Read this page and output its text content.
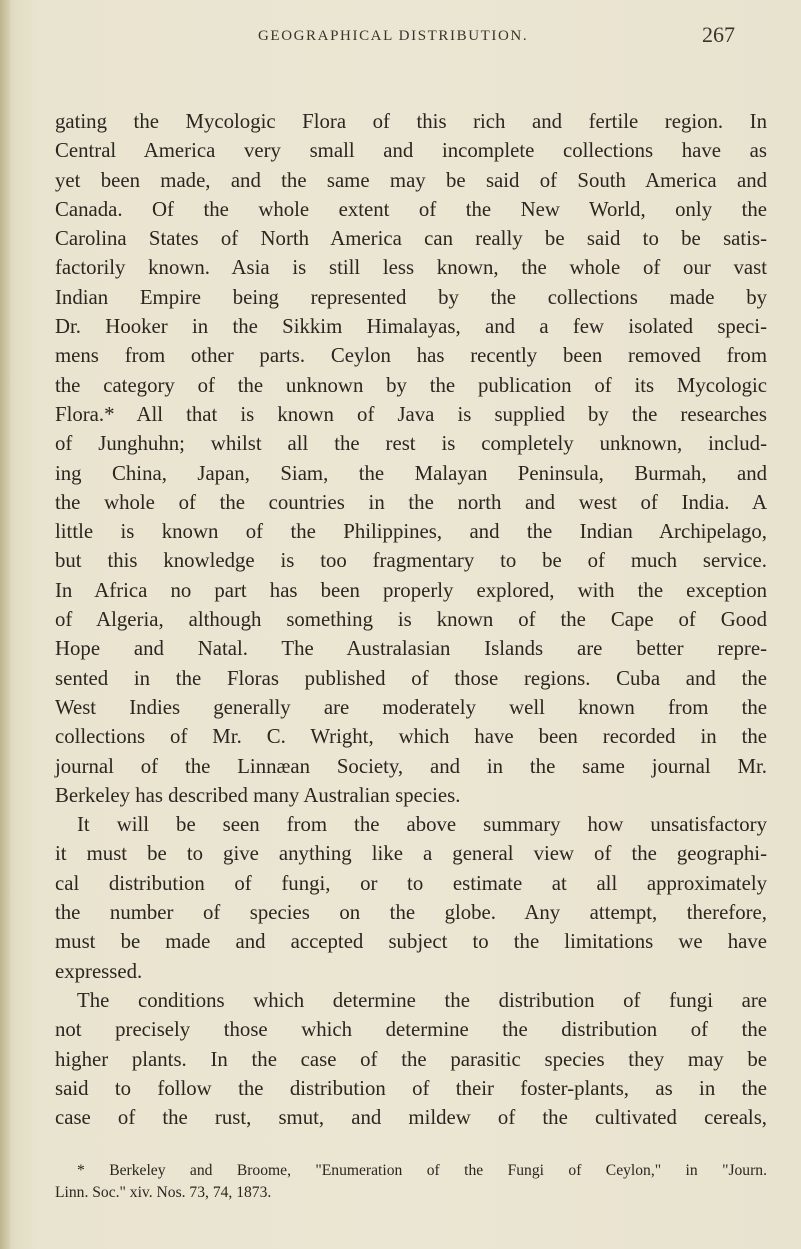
GEOGRAPHICAL DISTRIBUTION.	267
gating the Mycologic Flora of this rich and fertile region. In
Central America very small and incomplete collections have as
yet been made, and the same may be said of South America and
Canada. Of the whole extent of the New World, only the
Carolina States of North America can really be said to be satis-
factorily known. Asia is still less known, the whole of our vast
Indian Empire being represented by the collections made by
Dr. Hooker in the Sikkim Himalayas, and a few isolated speci-
mens from other parts. Ceylon has recently been removed from
the category of the unknown by the publication of its Mycologic
Flora.* All that is known of Java is supplied by the researches
of Junghuhn; whilst all the rest is completely unknown, includ-
ing China, Japan, Siam, the Malayan Peninsula, Burmah, and
the whole of the countries in the north and west of India. A
little is known of the Philippines, and the Indian Archipelago,
but this knowledge is too fragmentary to be of much service.
In Africa no part has been properly explored, with the exception
of Algeria, although something is known of the Cape of Good
Hope and Natal. The Australasian Islands are better repre-
sented in the Floras published of those regions. Cuba and the
West Indies generally are moderately well known from the
collections of Mr. C. Wright, which have been recorded in the
journal of the Linnæan Society, and in the same journal Mr.
Berkeley has described many Australian species.
It will be seen from the above summary how unsatisfactory
it must be to give anything like a general view of the geographi-
cal distribution of fungi, or to estimate at all approximately
the number of species on the globe. Any attempt, therefore,
must be made and accepted subject to the limitations we have
expressed.
The conditions which determine the distribution of fungi are
not precisely those which determine the distribution of the
higher plants. In the case of the parasitic species they may be
said to follow the distribution of their foster-plants, as in the
case of the rust, smut, and mildew of the cultivated cereals,
* Berkeley and Broome, "Enumeration of the Fungi of Ceylon," in "Journ.
Linn. Soc." xiv. Nos. 73, 74, 1873.
